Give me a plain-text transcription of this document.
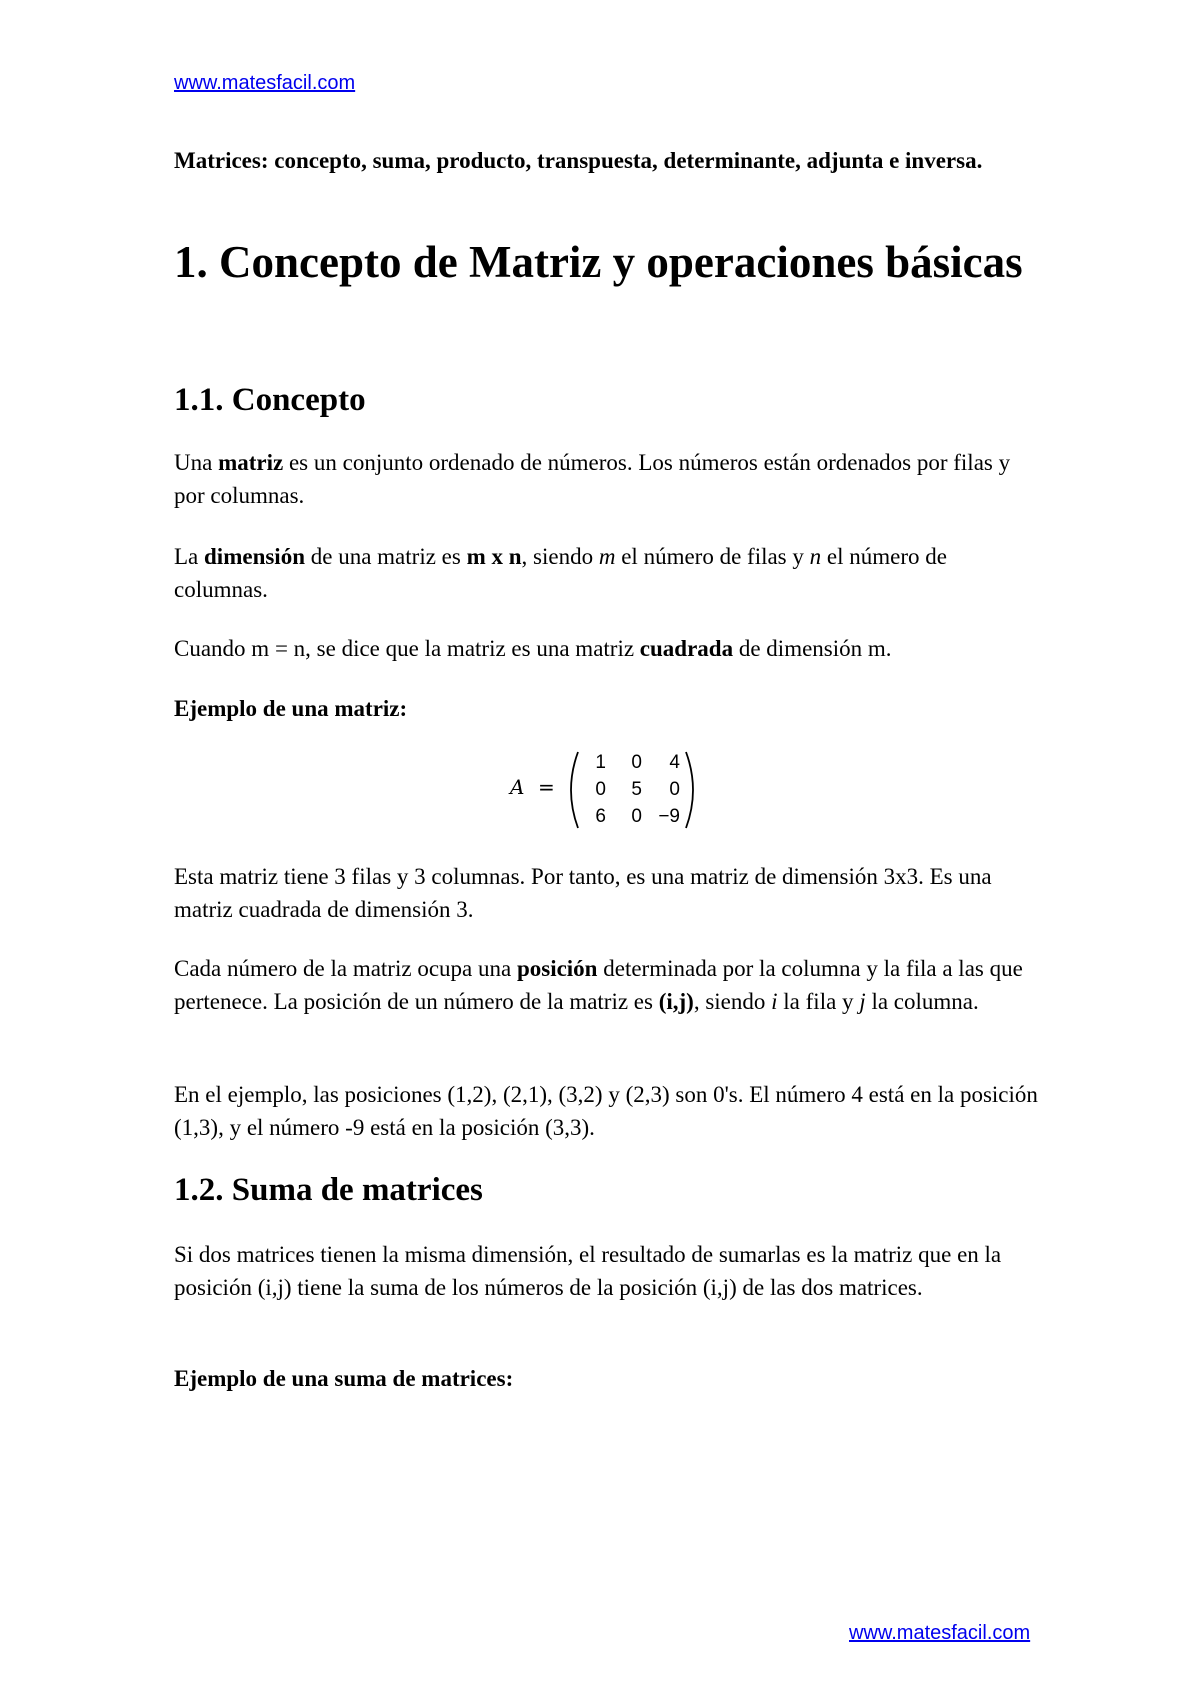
www.matesfacil.com
Matrices: concepto, suma, producto, transpuesta, determinante, adjunta e inversa.
1. Concepto de Matriz y operaciones básicas
1.1. Concepto
Una matriz es un conjunto ordenado de números. Los números están ordenados por filas y por columnas.
La dimensión de una matriz es m x n, siendo m el número de filas y n el número de columnas.
Cuando m = n, se dice que la matriz es una matriz cuadrada de dimensión m.
Ejemplo de una matriz:
A =
1	0	4
0	5	0
6	0 −9
Esta matriz tiene 3 filas y 3 columnas. Por tanto, es una matriz de dimensión 3x3. Es una matriz cuadrada de dimensión 3.
Cada número de la matriz ocupa una posición determinada por la columna y la fila a las que pertenece. La posición de un número de la matriz es (i,j), siendo i la fila y j la columna.
En el ejemplo, las posiciones (1,2), (2,1), (3,2) y (2,3) son 0's. El número 4 está en la posición (1,3), y el número -9 está en la posición (3,3).
1.2. Suma de matrices
Si dos matrices tienen la misma dimensión, el resultado de sumarlas es la matriz que en la posición (i,j) tiene la suma de los números de la posición (i,j) de las dos matrices.
Ejemplo de una suma de matrices:
www.matesfacil.com
